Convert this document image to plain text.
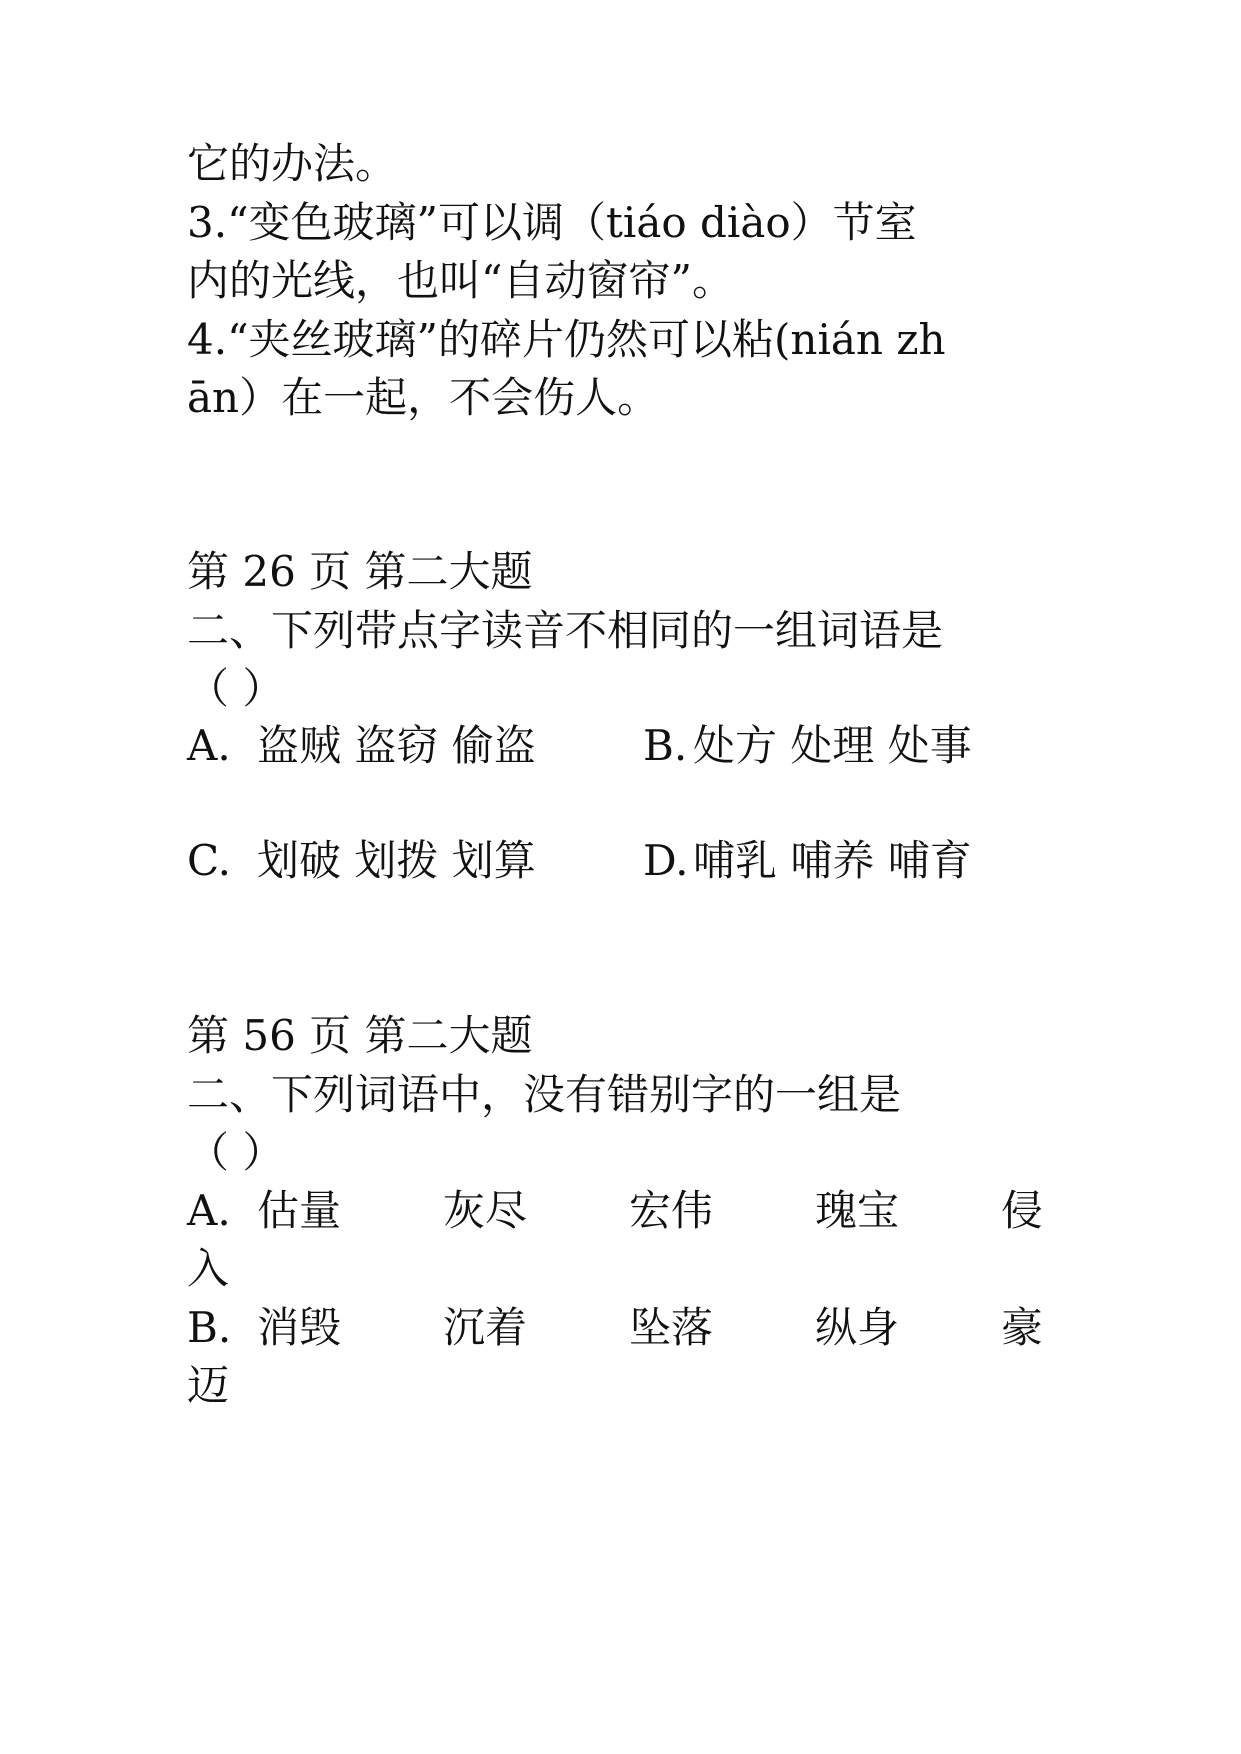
它的办法。
3.“变色玻璃”可以调（tiáo diào）节室
内的光线，也叫“自动窗帘”。
4.“夹丝玻璃”的碎片仍然可以粘(nián zh
ān）在一起，不会伤人。
第 26 页 第二大题
二、下列带点字读音不相同的一组词语是
（ ）
A. 盗贼 盗窃 偷盗	B. 处方 处理 处事
C. 划破 划拨 划算	D. 哺乳 哺养 哺育
第 56 页 第二大题
二、下列词语中，没有错别字的一组是
（ ）
A. 估量 灰尽 宏伟 瑰宝 侵
入
B. 消毁 沉着 坠落 纵身 豪
迈
